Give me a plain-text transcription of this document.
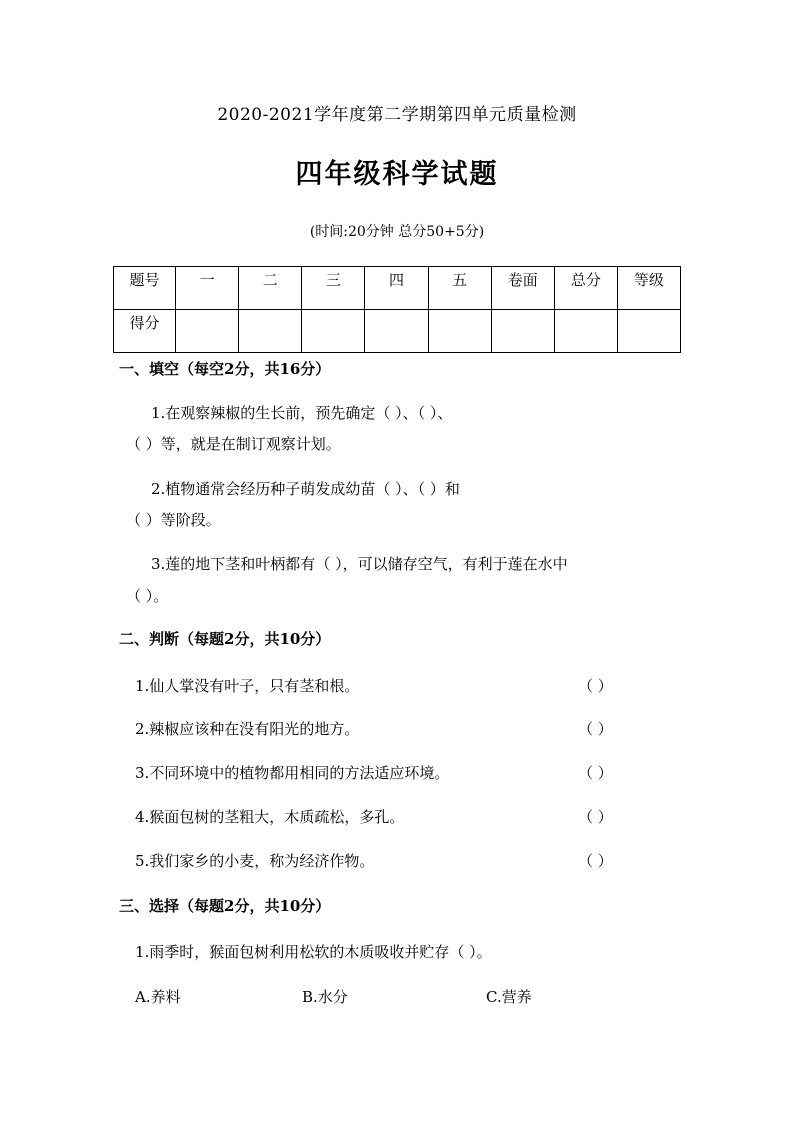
2020-2021学年度第二学期第四单元质量检测
四年级科学试题
(时间:20分钟 总分50+5分)
题号	一	二	三	四	五	卷面	总分	等级
得分								
一、填空（每空2分，共16分）
1.在观察辣椒的生长前，预先确定（ ）、（ ）、
（ ）等，就是在制订观察计划。
2.植物通常会经历种子萌发成幼苗（ ）、（ ）和
（ ）等阶段。
3.莲的地下茎和叶柄都有（ ），可以储存空气，有利于莲在水中
（ ）。
二、判断（每题2分，共10分）
1.仙人掌没有叶子，只有茎和根。	（ ）
2.辣椒应该种在没有阳光的地方。	（ ）
3.不同环境中的植物都用相同的方法适应环境。	（ ）
4.猴面包树的茎粗大，木质疏松，多孔。	（ ）
5.我们家乡的小麦，称为经济作物。	（ ）
三、选择（每题2分，共10分）
1.雨季时，猴面包树利用松软的木质吸收并贮存（ ）。
A.养料	B.水分	C.营养
